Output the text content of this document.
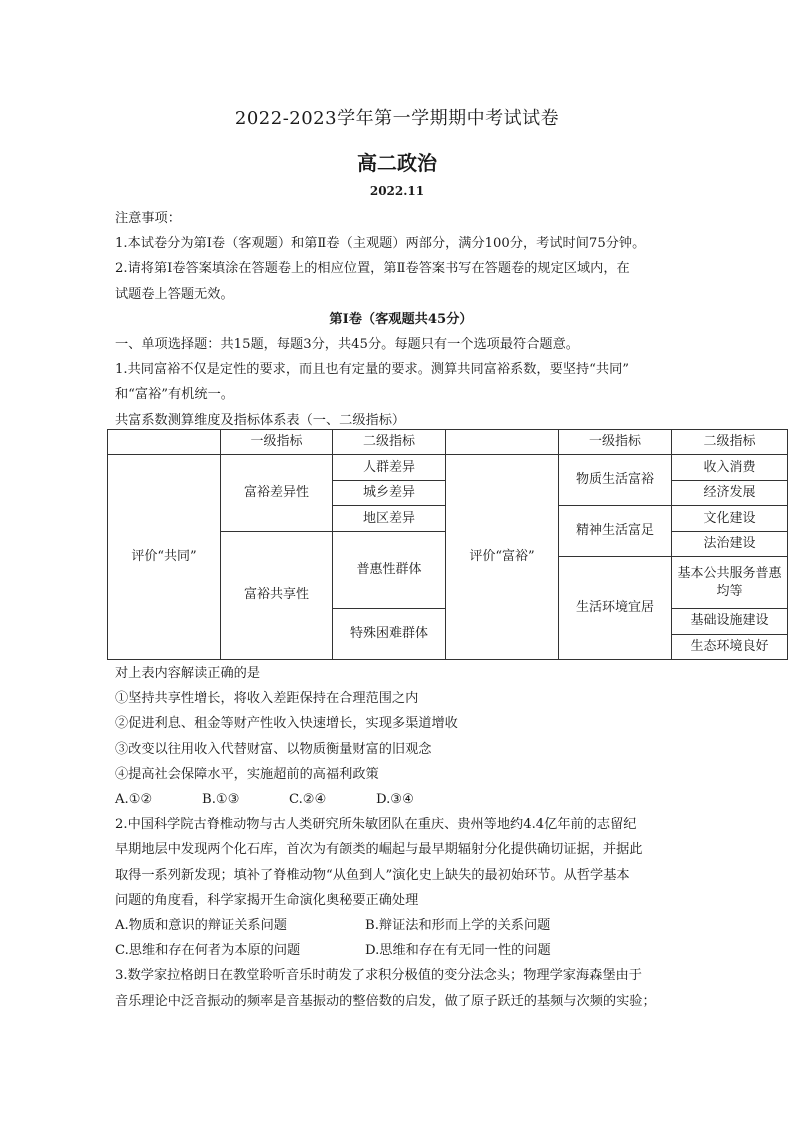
2022-2023学年第一学期期中考试试卷
高二政治
2022.11

注意事项：

1.本试卷分为第Ⅰ卷（客观题）和第Ⅱ卷（主观题）两部分，满分100分，考试时间75分钟。

2.请将第Ⅰ卷答案填涂在答题卷上的相应位置，第Ⅱ卷答案书写在答题卷的规定区域内，在

试题卷上答题无效。

第Ⅰ卷（客观题共45分）

一、单项选择题：共15题，每题3分，共45分。每题只有一个选项最符合题意。

1.共同富裕不仅是定性的要求，而且也有定量的要求。测算共同富裕系数，要坚持“共同”

和“富裕”有机统一。

共富系数测算维度及指标体系表（一、二级指标）

	一级指标	二级指标		一级指标	二级指标
评价“共同”	富裕差异性	人群差异	评价“富裕”	物质生活富裕	收入消费
		城乡差异			经济发展
		地区差异		精神生活富足	文化建设
	富裕共享性	普惠性群体			法治建设
				生活环境宜居	基本公共服务普惠均等

		特殊困难群体			基础设施建设
					生态环境良好

对上表内容解读正确的是

①坚持共享性增长，将收入差距保持在合理范围之内

②促进利息、租金等财产性收入快速增长，实现多渠道增收

③改变以往用收入代替财富、以物质衡量财富的旧观念

④提高社会保障水平，实施超前的高福利政策

A.①②	B.①③	C.②④	D.③④

2.中国科学院古脊椎动物与古人类研究所朱敏团队在重庆、贵州等地约4.4亿年前的志留纪

早期地层中发现两个化石库，首次为有颌类的崛起与最早期辐射分化提供确切证据，并据此

取得一系列新发现；填补了脊椎动物“从鱼到人”演化史上缺失的最初始环节。从哲学基本

问题的角度看，科学家揭开生命演化奥秘要正确处理

A.物质和意识的辩证关系问题	B.辩证法和形而上学的关系问题

C.思维和存在何者为本原的问题	D.思维和存在有无同一性的问题

3.数学家拉格朗日在教堂聆听音乐时萌发了求积分极值的变分法念头；物理学家海森堡由于

音乐理论中泛音振动的频率是音基振动的整倍数的启发，做了原子跃迁的基频与次频的实验；
